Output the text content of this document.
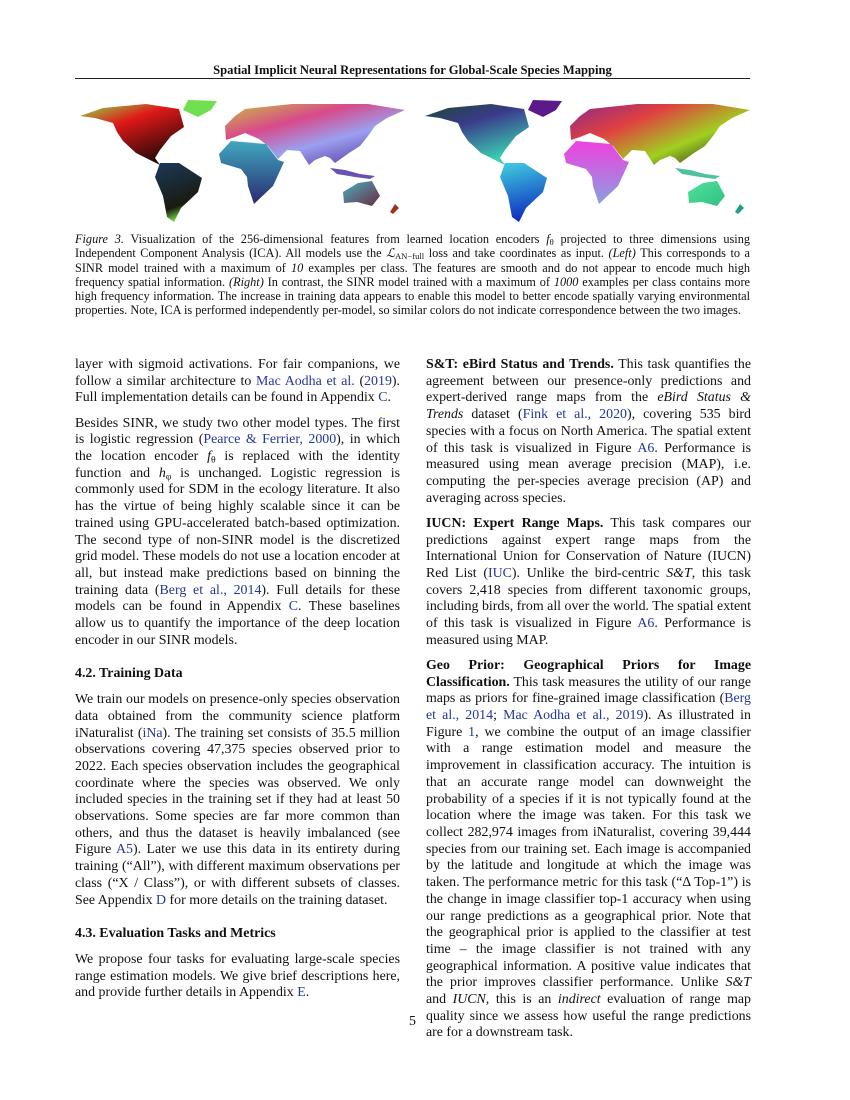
Spatial Implicit Neural Representations for Global-Scale Species Mapping
Figure 3. Visualization of the 256-dimensional features from learned location encoders fθ projected to three dimensions using Independent Component Analysis (ICA). All models use the ℒAN−full loss and take coordinates as input. (Left) This corresponds to a SINR model trained with a maximum of 10 examples per class. The features are smooth and do not appear to encode much high frequency spatial information. (Right) In contrast, the SINR model trained with a maximum of 1000 examples per class contains more high frequency information. The increase in training data appears to enable this model to better encode spatially varying environmental properties. Note, ICA is performed independently per-model, so similar colors do not indicate correspondence between the two images.

layer with sigmoid activations. For fair companions, we follow a similar architecture to Mac Aodha et al. (2019). Full implementation details can be found in Appendix C.

Besides SINR, we study two other model types. The first is logistic regression (Pearce & Ferrier, 2000), in which the location encoder fθ is replaced with the identity function and hφ is unchanged. Logistic regression is commonly used for SDM in the ecology literature. It also has the virtue of being highly scalable since it can be trained using GPU-accelerated batch-based optimization. The second type of non-SINR model is the discretized grid model. These models do not use a location encoder at all, but instead make predictions based on binning the training data (Berg et al., 2014). Full details for these models can be found in Appendix C. These baselines allow us to quantify the importance of the deep location encoder in our SINR models.

4.2. Training Data

We train our models on presence-only species observation data obtained from the community science platform iNaturalist (iNa). The training set consists of 35.5 million observations covering 47,375 species observed prior to 2022. Each species observation includes the geographical coordinate where the species was observed. We only included species in the training set if they had at least 50 observations. Some species are far more common than others, and thus the dataset is heavily imbalanced (see Figure A5). Later we use this data in its entirety during training (“All”), with different maximum observations per class (“X / Class”), or with different subsets of classes. See Appendix D for more details on the training dataset.

4.3. Evaluation Tasks and Metrics

We propose four tasks for evaluating large-scale species range estimation models. We give brief descriptions here, and provide further details in Appendix E.

S&T: eBird Status and Trends. This task quantifies the agreement between our presence-only predictions and expert-derived range maps from the eBird Status & Trends dataset (Fink et al., 2020), covering 535 bird species with a focus on North America. The spatial extent of this task is visualized in Figure A6. Performance is measured using mean average precision (MAP), i.e. computing the per-species average precision (AP) and averaging across species.

IUCN: Expert Range Maps. This task compares our predictions against expert range maps from the International Union for Conservation of Nature (IUCN) Red List (IUC). Unlike the bird-centric S&T, this task covers 2,418 species from different taxonomic groups, including birds, from all over the world. The spatial extent of this task is visualized in Figure A6. Performance is measured using MAP.

Geo Prior: Geographical Priors for Image Classification. This task measures the utility of our range maps as priors for fine-grained image classification (Berg et al., 2014; Mac Aodha et al., 2019). As illustrated in Figure 1, we combine the output of an image classifier with a range estimation model and measure the improvement in classification accuracy. The intuition is that an accurate range model can downweight the probability of a species if it is not typically found at the location where the image was taken. For this task we collect 282,974 images from iNaturalist, covering 39,444 species from our training set. Each image is accompanied by the latitude and longitude at which the image was taken. The performance metric for this task (“Δ Top-1”) is the change in image classifier top-1 accuracy when using our range predictions as a geographical prior. Note that the geographical prior is applied to the classifier at test time – the image classifier is not trained with any geographical information. A positive value indicates that the prior improves classifier performance. Unlike S&T and IUCN, this is an indirect evaluation of range map quality since we assess how useful the range predictions are for a downstream task.

5
